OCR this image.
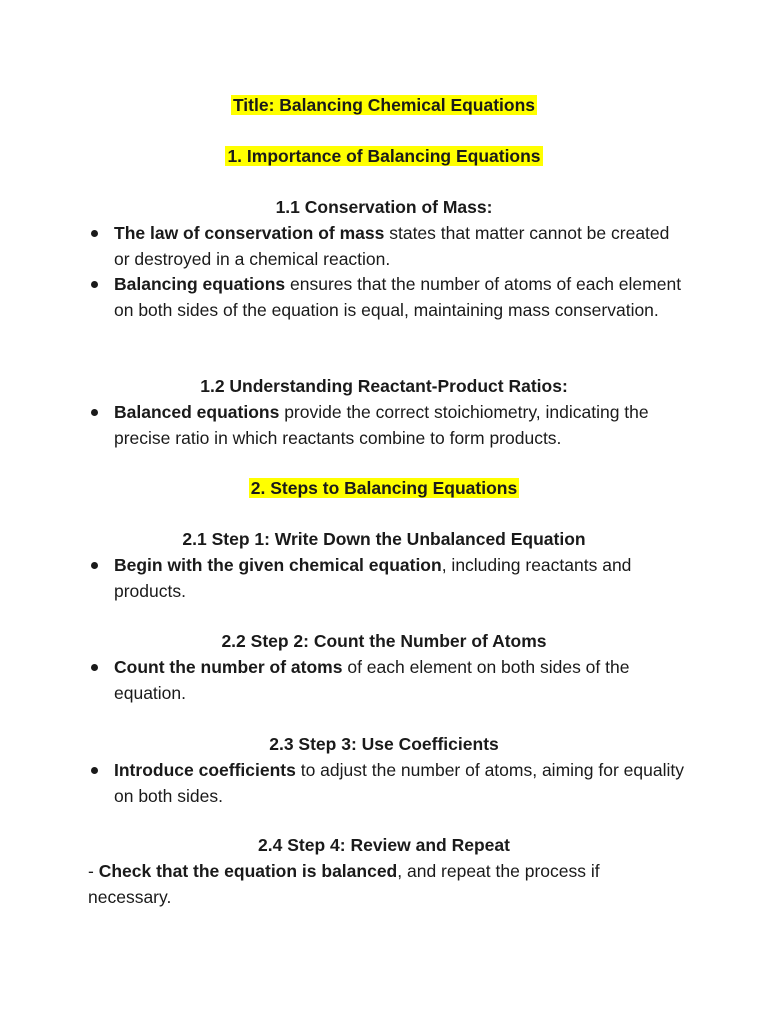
Title: Balancing Chemical Equations
1. Importance of Balancing Equations
1.1 Conservation of Mass:
The law of conservation of mass states that matter cannot be created or destroyed in a chemical reaction.
Balancing equations ensures that the number of atoms of each element on both sides of the equation is equal, maintaining mass conservation.
1.2 Understanding Reactant-Product Ratios:
Balanced equations provide the correct stoichiometry, indicating the precise ratio in which reactants combine to form products.
2. Steps to Balancing Equations
2.1 Step 1: Write Down the Unbalanced Equation
Begin with the given chemical equation, including reactants and products.
2.2 Step 2: Count the Number of Atoms
Count the number of atoms of each element on both sides of the equation.
2.3 Step 3: Use Coefficients
Introduce coefficients to adjust the number of atoms, aiming for equality on both sides.
2.4 Step 4: Review and Repeat
- Check that the equation is balanced, and repeat the process if necessary.
